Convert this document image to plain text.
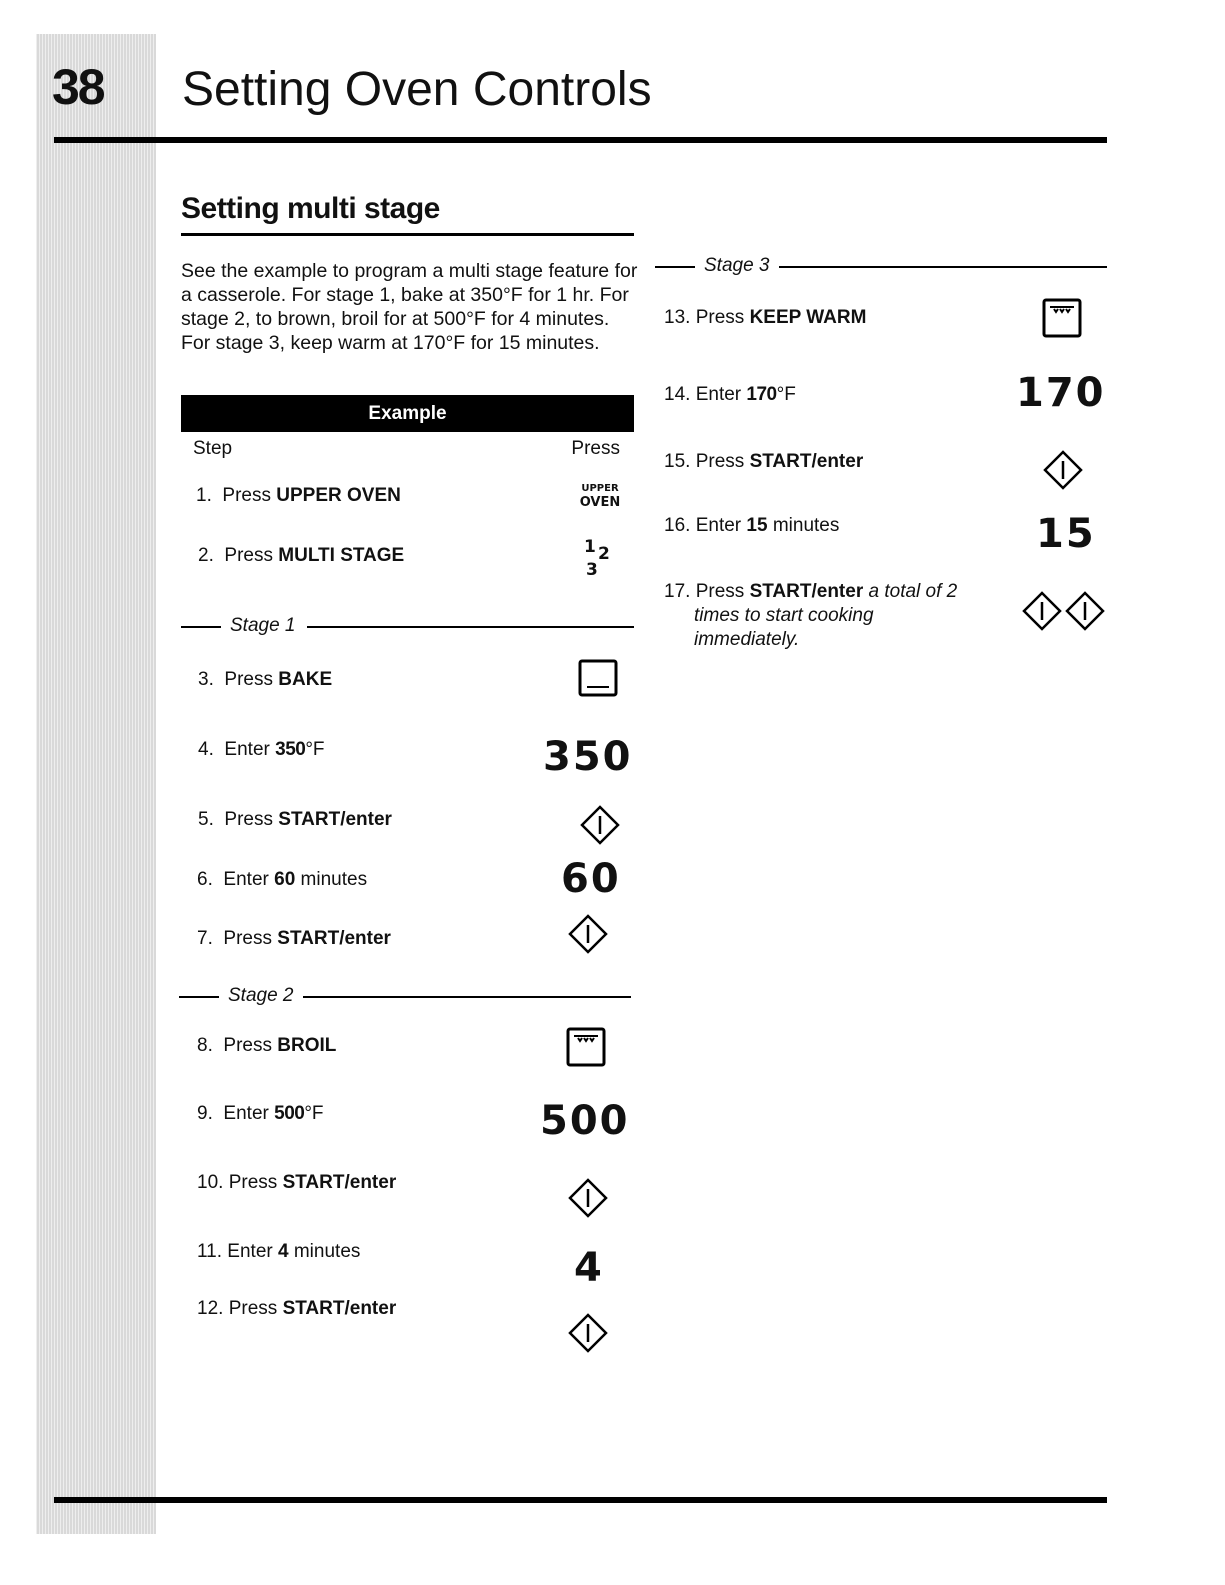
38 Setting Oven Controls
Setting multi stage
See the example to program a multi stage feature for a casserole. For stage 1, bake at 350°F for 1 hr. For stage 2, to brown, broil for at 500°F for 4 minutes. For stage 3, keep warm at 170°F for 15 minutes.
Example
Step	Press
1. Press UPPER OVEN	UPPER
OVEN
2. Press MULTI STAGE	1 2
3
Stage 1
3. Press BAKE
4. Enter 350°F	350
5. Press START/enter
6. Enter 60 minutes	60
7. Press START/enter
Stage 2
8. Press BROIL
9. Enter 500°F	500
10. Press START/enter
11. Enter 4 minutes	4
12. Press START/enter
Stage 3
13. Press KEEP WARM
14. Enter 170°F	170
15. Press START/enter
16. Enter 15 minutes	15
17. Press START/enter a total of 2
times to start cooking
immediately.
